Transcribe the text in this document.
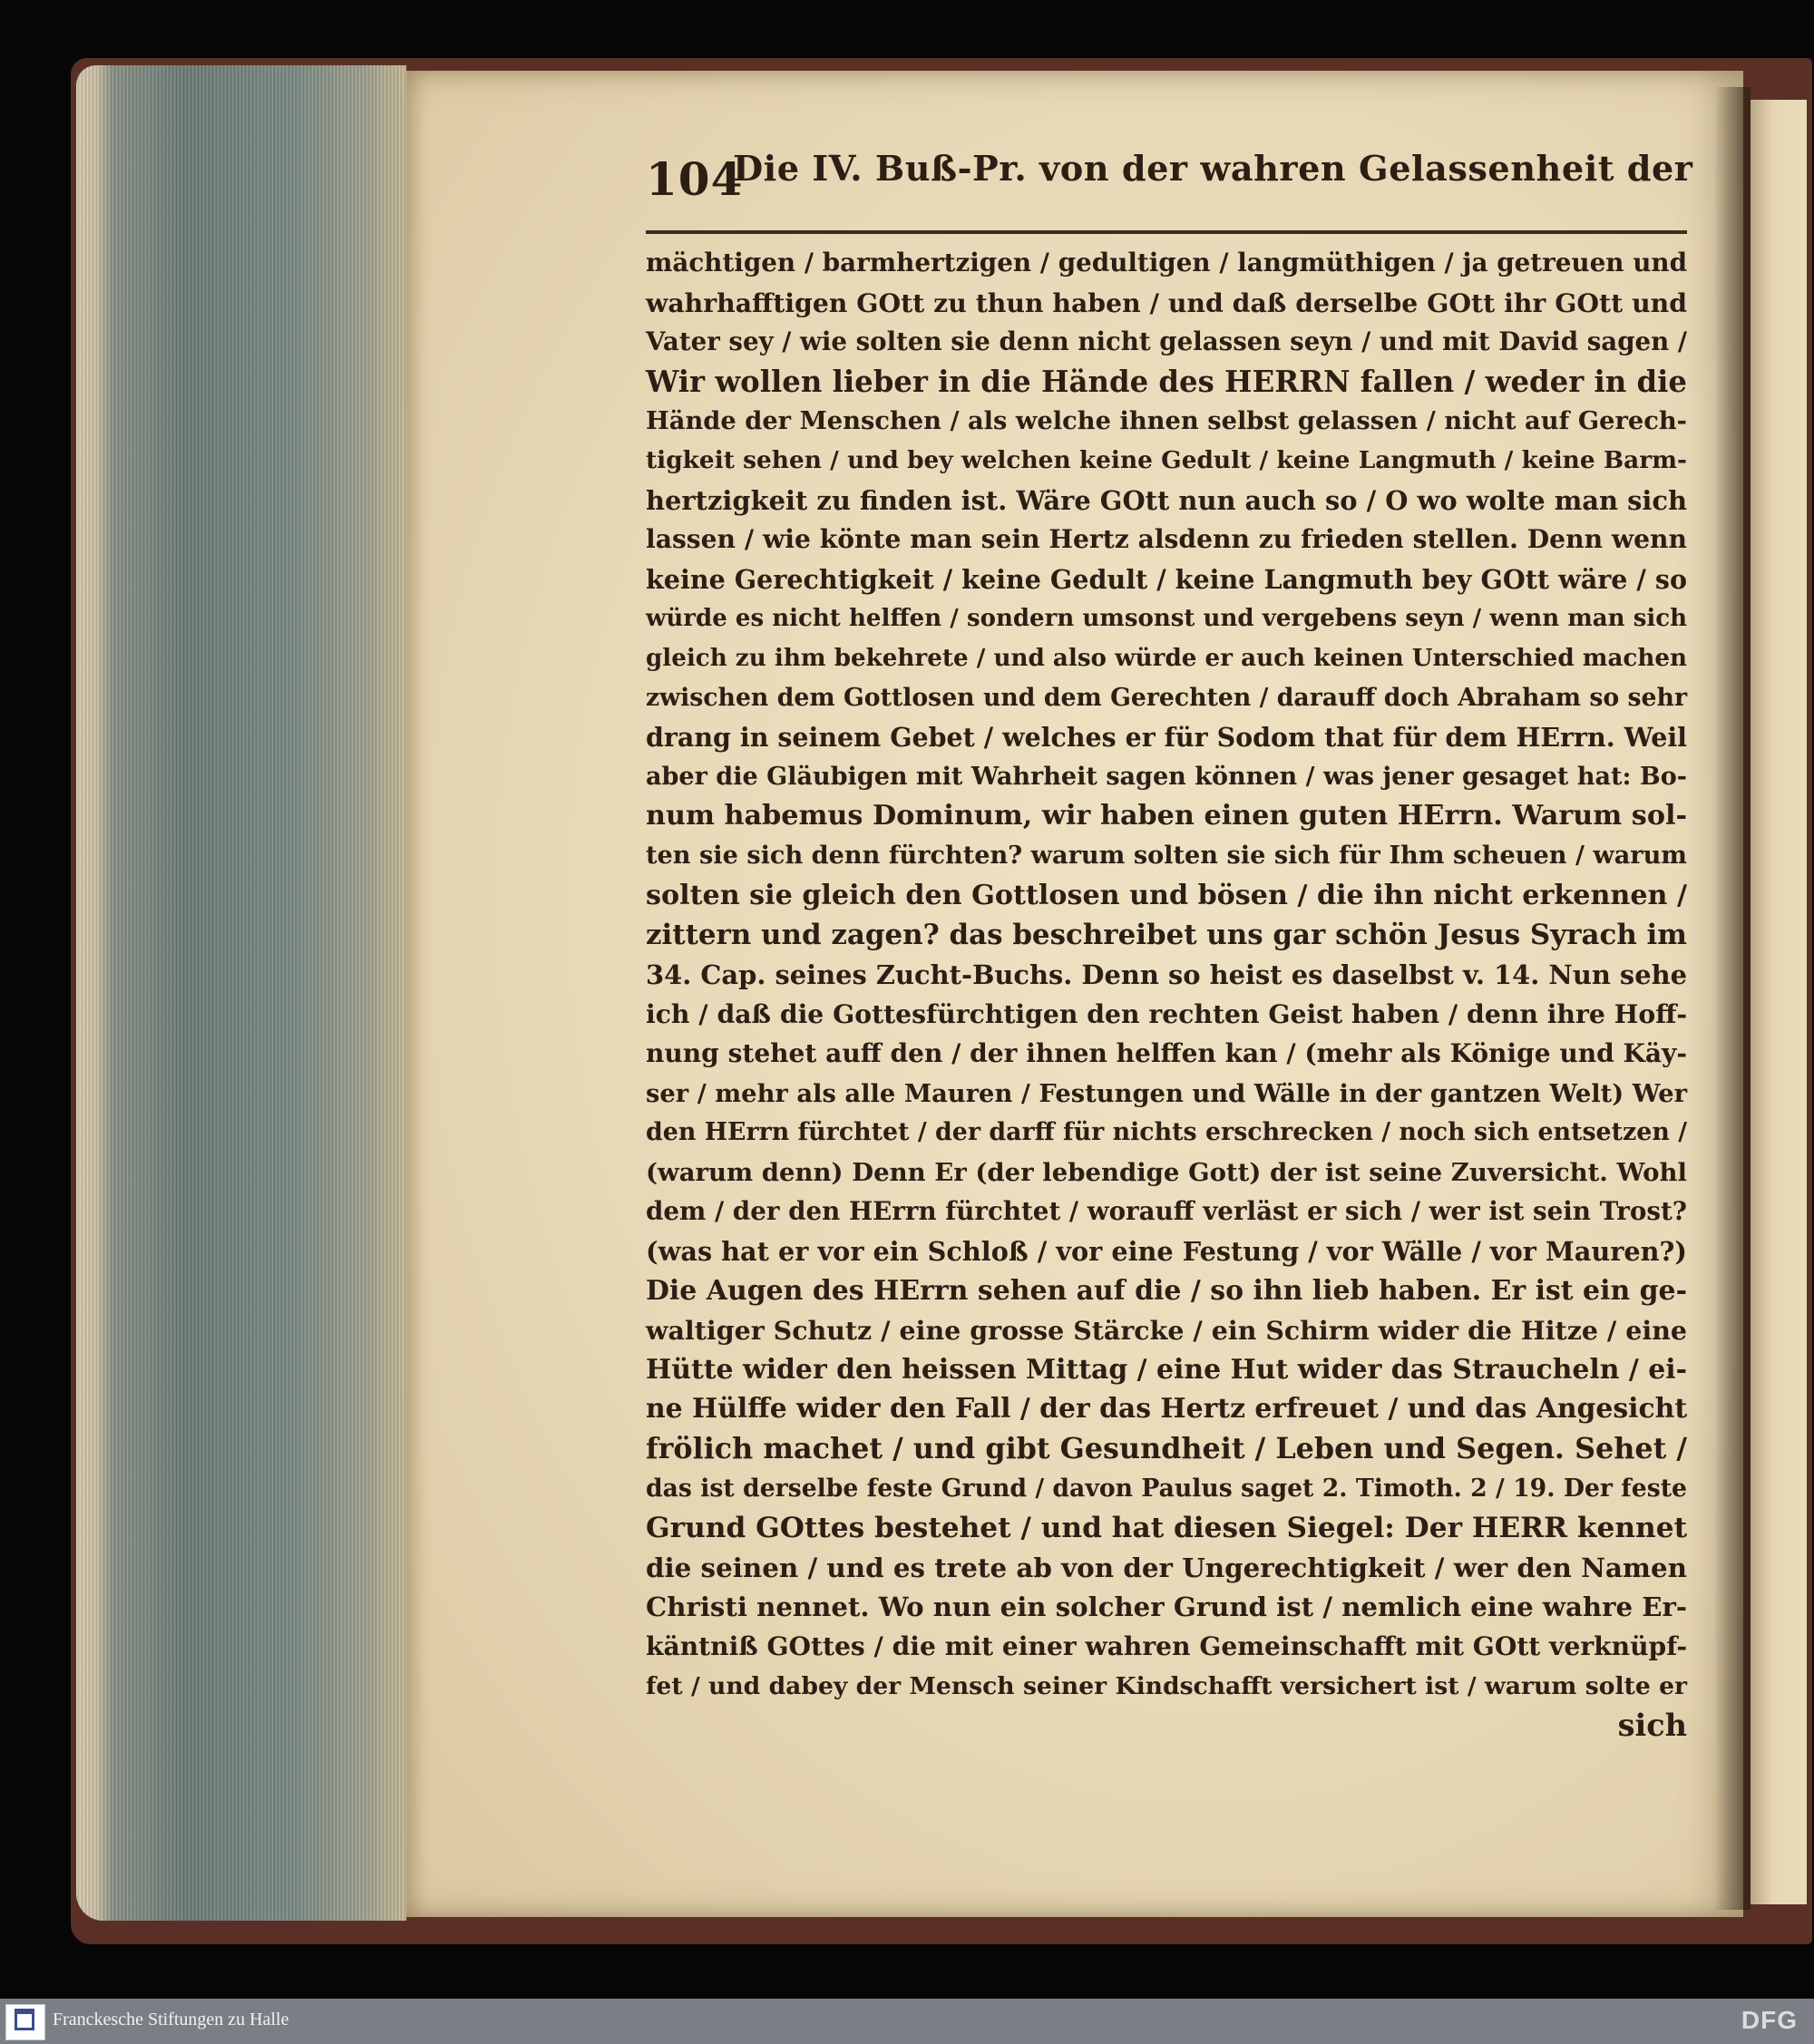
104
Die IV. Buß-Pr. von der wahren Gelassenheit der
mächtigen / barmhertzigen / gedultigen / langmüthigen / ja getreuen und
wahrhafftigen GOtt zu thun haben / und daß derselbe GOtt ihr GOtt und
Vater sey / wie solten sie denn nicht gelassen seyn / und mit David sagen /
Wir wollen lieber in die Hände des HERRN fallen / weder in die
Hände der Menschen / als welche ihnen selbst gelassen / nicht auf Gerech-
tigkeit sehen / und bey welchen keine Gedult / keine Langmuth / keine Barm-
hertzigkeit zu finden ist. Wäre GOtt nun auch so / O wo wolte man sich
lassen / wie könte man sein Hertz alsdenn zu frieden stellen. Denn wenn
keine Gerechtigkeit / keine Gedult / keine Langmuth bey GOtt wäre / so
würde es nicht helffen / sondern umsonst und vergebens seyn / wenn man sich
gleich zu ihm bekehrete / und also würde er auch keinen Unterschied machen
zwischen dem Gottlosen und dem Gerechten / darauff doch Abraham so sehr
drang in seinem Gebet / welches er für Sodom that für dem HErrn. Weil
aber die Gläubigen mit Wahrheit sagen können / was jener gesaget hat: Bo-
num habemus Dominum, wir haben einen guten HErrn. Warum sol-
ten sie sich denn fürchten? warum solten sie sich für Ihm scheuen / warum
solten sie gleich den Gottlosen und bösen / die ihn nicht erkennen /
zittern und zagen? das beschreibet uns gar schön Jesus Syrach im
34. Cap. seines Zucht-Buchs. Denn so heist es daselbst v. 14. Nun sehe
ich / daß die Gottesfürchtigen den rechten Geist haben / denn ihre Hoff-
nung stehet auff den / der ihnen helffen kan / (mehr als Könige und Käy-
ser / mehr als alle Mauren / Festungen und Wälle in der gantzen Welt) Wer
den HErrn fürchtet / der darff für nichts erschrecken / noch sich entsetzen /
(warum denn) Denn Er (der lebendige Gott) der ist seine Zuversicht. Wohl
dem / der den HErrn fürchtet / worauff verläst er sich / wer ist sein Trost?
(was hat er vor ein Schloß / vor eine Festung / vor Wälle / vor Mauren?)
Die Augen des HErrn sehen auf die / so ihn lieb haben. Er ist ein ge-
waltiger Schutz / eine grosse Stärcke / ein Schirm wider die Hitze / eine
Hütte wider den heissen Mittag / eine Hut wider das Straucheln / ei-
ne Hülffe wider den Fall / der das Hertz erfreuet / und das Angesicht
frölich machet / und gibt Gesundheit / Leben und Segen. Sehet /
das ist derselbe feste Grund / davon Paulus saget 2. Timoth. 2 / 19. Der feste
Grund GOttes bestehet / und hat diesen Siegel: Der HERR kennet
die seinen / und es trete ab von der Ungerechtigkeit / wer den Namen
Christi nennet. Wo nun ein solcher Grund ist / nemlich eine wahre Er-
käntniß GOttes / die mit einer wahren Gemeinschafft mit GOtt verknüpf-
fet / und dabey der Mensch seiner Kindschafft versichert ist / warum solte er
sich
Franckesche Stiftungen zu Halle	DFG
